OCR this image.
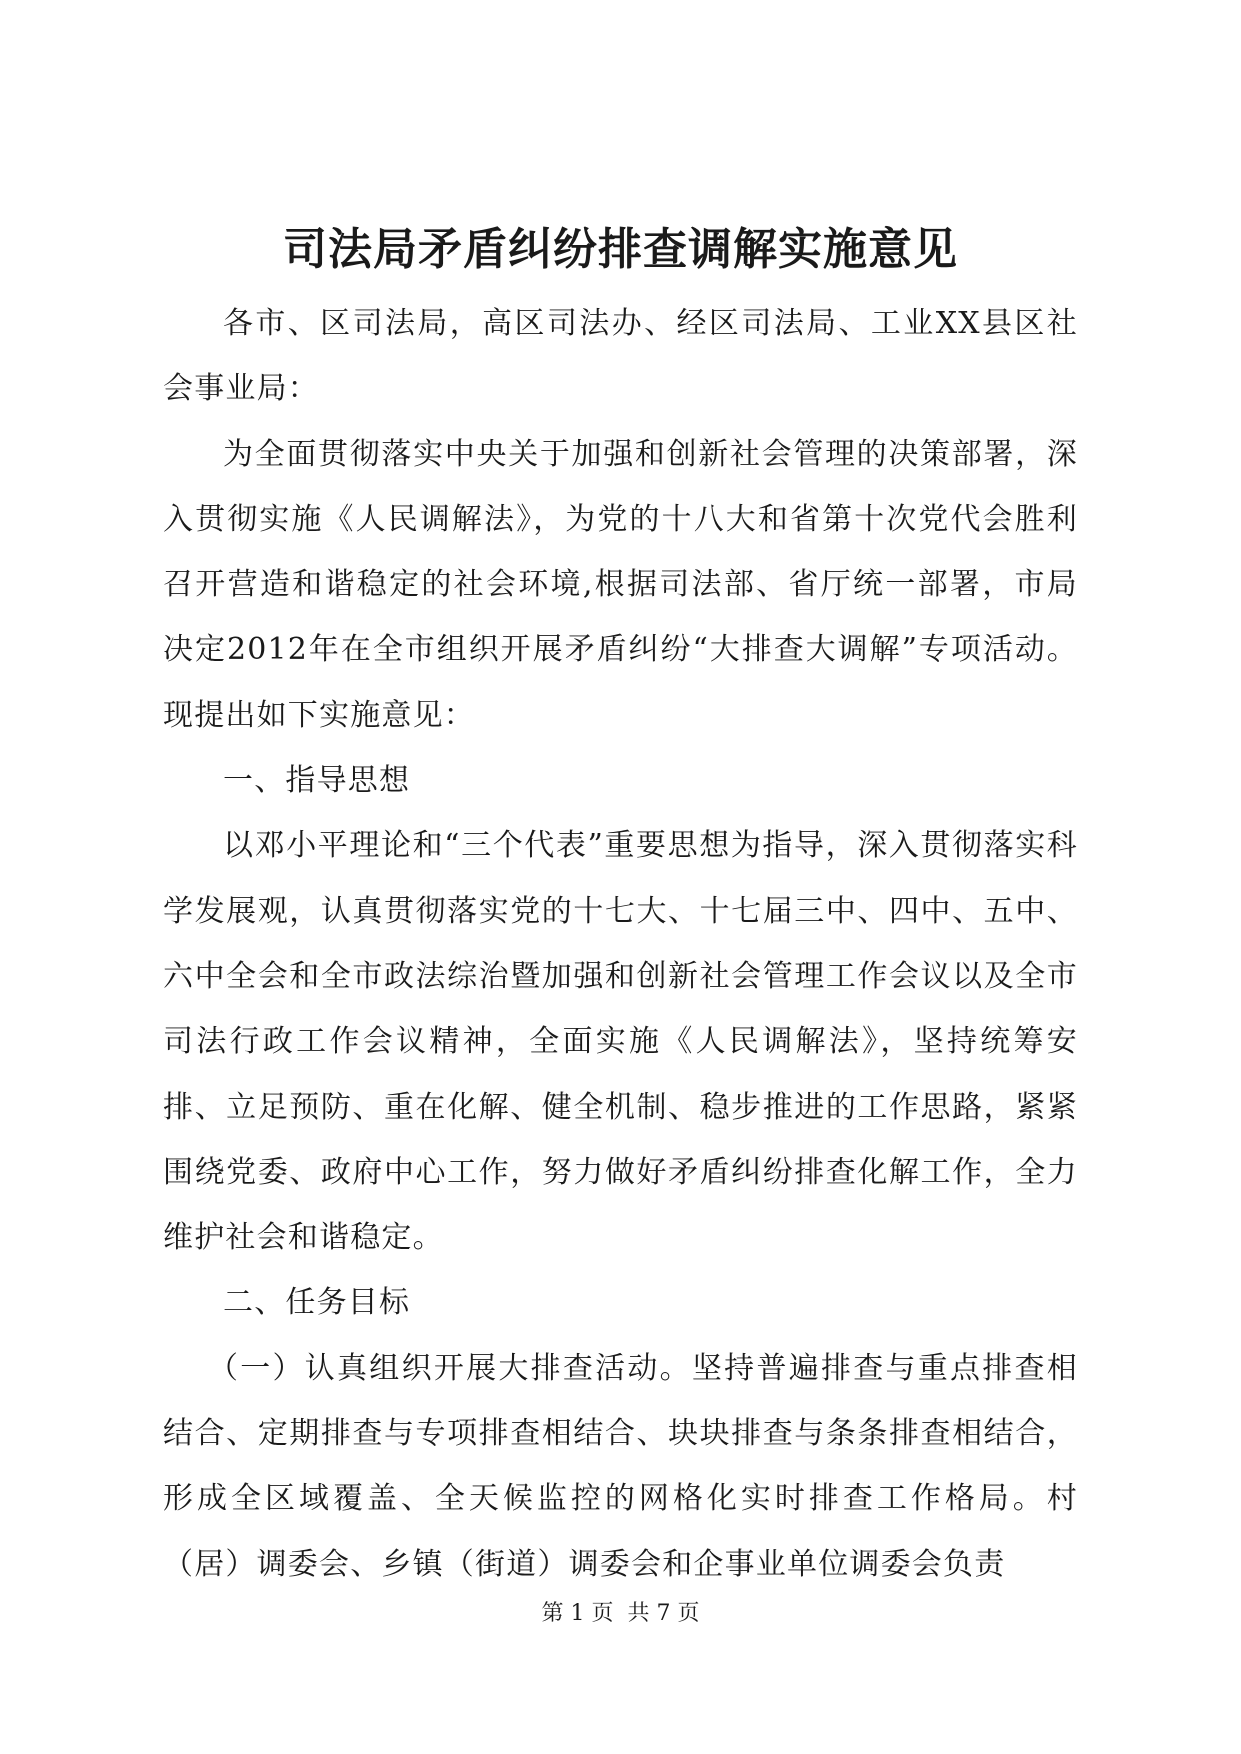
司法局矛盾纠纷排查调解实施意见

各市、区司法局，高区司法办、经区司法局、工业XX县区社会事业局：

为全面贯彻落实中央关于加强和创新社会管理的决策部署，深入贯彻实施《人民调解法》，为党的十八大和省第十次党代会胜利召开营造和谐稳定的社会环境,根据司法部、省厅统一部署，市局决定2012年在全市组织开展矛盾纠纷“大排查大调解”专项活动。现提出如下实施意见：

一、指导思想

以邓小平理论和“三个代表”重要思想为指导，深入贯彻落实科学发展观，认真贯彻落实党的十七大、十七届三中、四中、五中、六中全会和全市政法综治暨加强和创新社会管理工作会议以及全市司法行政工作会议精神，全面实施《人民调解法》，坚持统筹安排、立足预防、重在化解、健全机制、稳步推进的工作思路，紧紧围绕党委、政府中心工作，努力做好矛盾纠纷排查化解工作，全力维护社会和谐稳定。

二、任务目标

（一）认真组织开展大排查活动。坚持普遍排查与重点排查相结合、定期排查与专项排查相结合、块块排查与条条排查相结合，形成全区域覆盖、全天候监控的网格化实时排查工作格局。村（居）调委会、乡镇（街道）调委会和企事业单位调委会负责

第 1 页  共 7 页
